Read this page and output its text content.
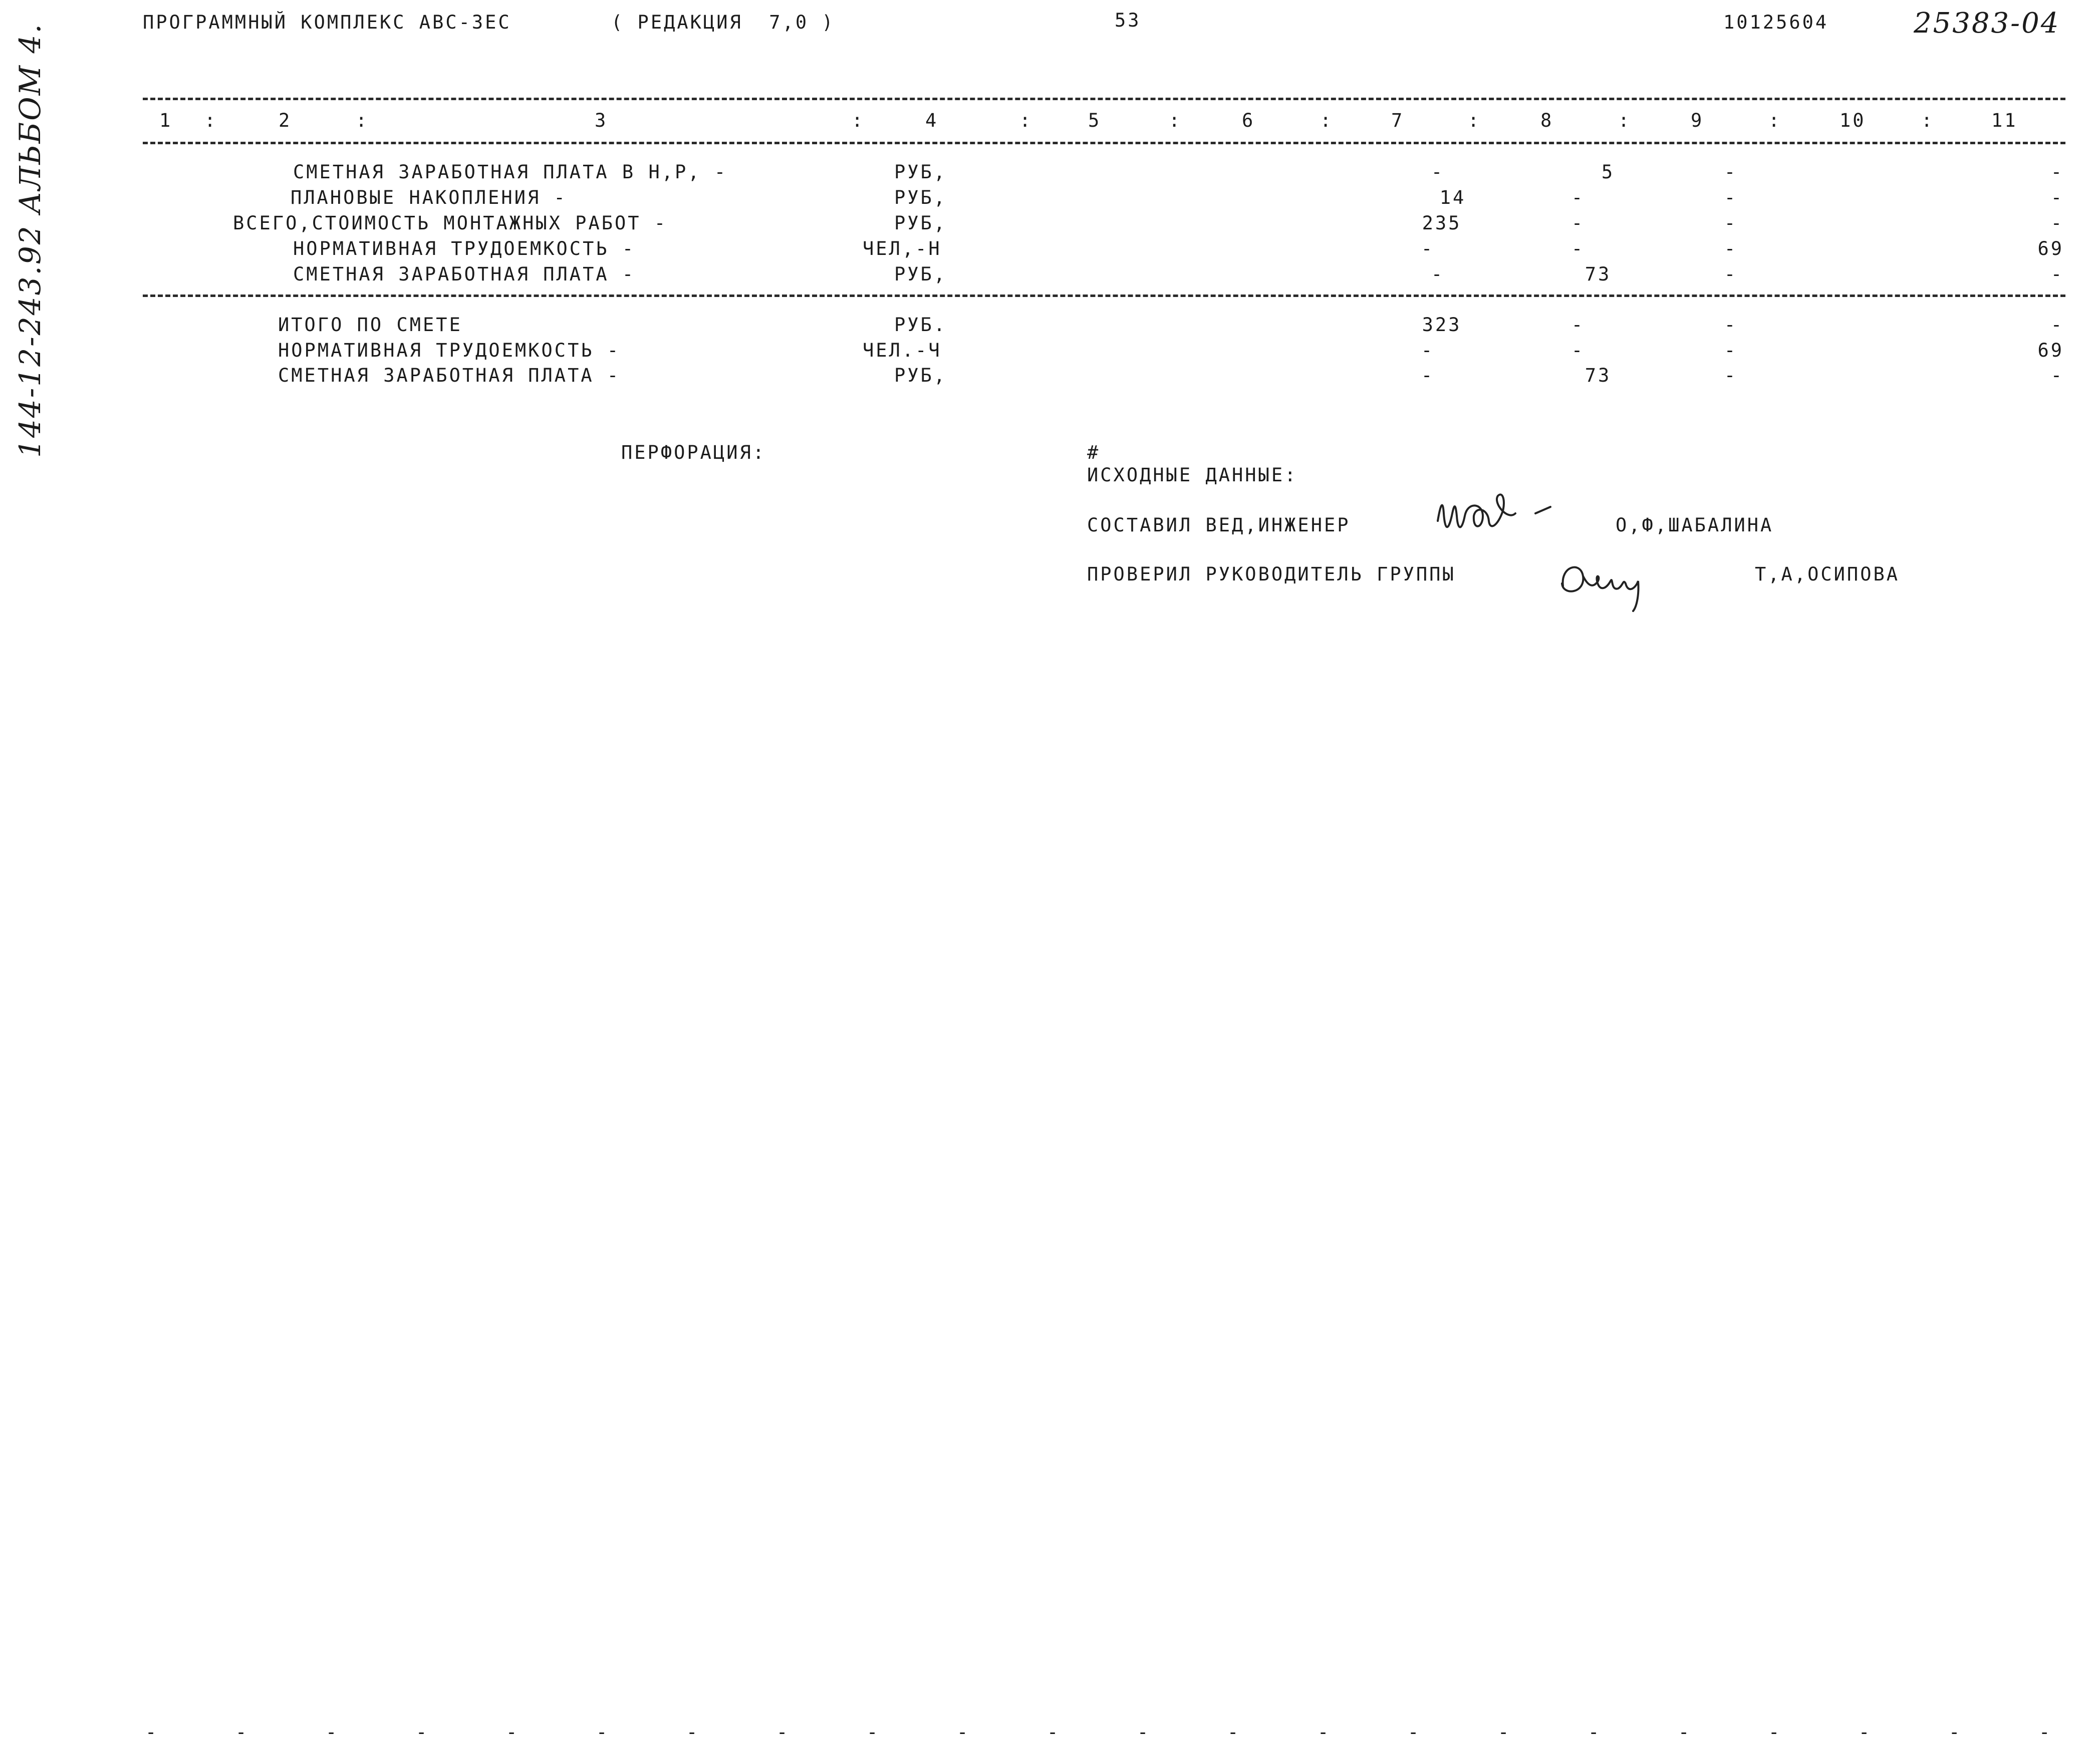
ПРОГРАММНЫЙ КОМПЛЕКС АВС-3ЕС	( РЕДАКЦИЯ  7,0 )	53	10125604	25383-04
144-12-243.92 АЛЬБОМ 4.	1 :	2	:	3	:	4	:	5	:	6	:	7	:	8	:	9	:	10	:	11
СМЕТНАЯ ЗАРАБОТНАЯ ПЛАТА В Н,Р, -	РУБ,	-	5	-	-
ПЛАНОВЫЕ НАКОПЛЕНИЯ -	РУБ,	14	-	-	-
ВСЕГО,СТОИМОСТЬ МОНТАЖНЫХ РАБОТ -	РУБ,	235	-	-	-
НОРМАТИВНАЯ ТРУДОЕМКОСТЬ -	ЧЕЛ,-Н	-	-	-	69
СМЕТНАЯ ЗАРАБОТНАЯ ПЛАТА -	РУБ,	-	73	-	-
ИТОГО ПО СМЕТЕ	РУБ.	323	-	-	-
НОРМАТИВНАЯ ТРУДОЕМКОСТЬ -	ЧЕЛ.-Ч	-	-	-	69
СМЕТНАЯ ЗАРАБОТНАЯ ПЛАТА -	РУБ,	-	73	-	-
ПЕРФОРАЦИЯ:	#
ИСХОДНЫЕ ДАННЫЕ:
СОСТАВИЛ ВЕД,ИНЖЕНЕР	О,Ф,ШАБАЛИНА
ПРОВЕРИЛ РУКОВОДИТЕЛЬ ГРУППЫ	Т,А,ОСИПОВА
-	-	-	-	-	-	-	-	-	-	-	-	-	-	-	-	-	-	-	-	-	-
